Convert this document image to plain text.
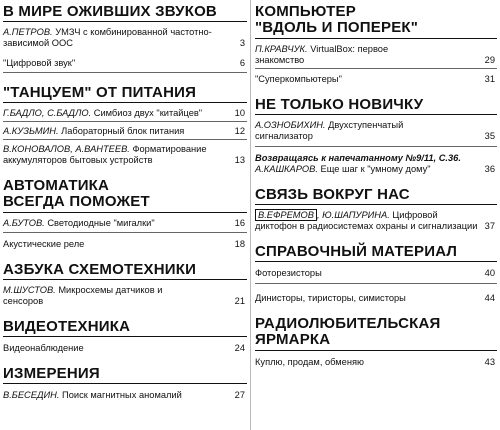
В МИРЕ ОЖИВШИХ ЗВУКОВ
А.ПЕТРОВ. УМЗЧ с комбинированной частотно-зависимой ООС	3
"Цифровой звук"	6
"ТАНЦУЕМ" ОТ ПИТАНИЯ
Г.БАДЛО, С.БАДЛО. Симбиоз двух "китайцев"	10
А.КУЗЬМИН. Лабораторный блок питания	12
В.КОНОВАЛОВ, А.ВАНТЕЕВ. Форматирование аккумуляторов бытовых устройств	13
АВТОМАТИКА
ВСЕГДА ПОМОЖЕТ
А.БУТОВ. Светодиодные "мигалки"	16
Акустические реле	18
АЗБУКА СХЕМОТЕХНИКИ
М.ШУСТОВ. Микросхемы датчиков и сенсоров	21
ВИДЕОТЕХНИКА
Видеонаблюдение	24
ИЗМЕРЕНИЯ
В.БЕСЕДИН. Поиск магнитных аномалий	27
КОМПЬЮТЕР
"ВДОЛЬ И ПОПЕРЕК"
П.КРАВЧУК. VirtualBox: первое знакомство	29
"Суперкомпьютеры"	31
НЕ ТОЛЬКО НОВИЧКУ
А.ОЗНОБИХИН. Двухступенчатый сигнализатор	35
Возвращаясь к напечатанному №9/11, С.36. А.КАШКАРОВ. Еще шаг к "умному дому"	36
СВЯЗЬ ВОКРУГ НАС
В.ЕФРЕМОВ , Ю.ШАПУРИНА. Цифровой диктофон в радиосистемах охраны и сигнализации 37
СПРАВОЧНЫЙ МАТЕРИАЛ
Фоторезисторы	40
Динисторы, тиристоры, симисторы	44
РАДИОЛЮБИТЕЛЬСКАЯ
ЯРМАРКА
Куплю, продам, обменяю	43
